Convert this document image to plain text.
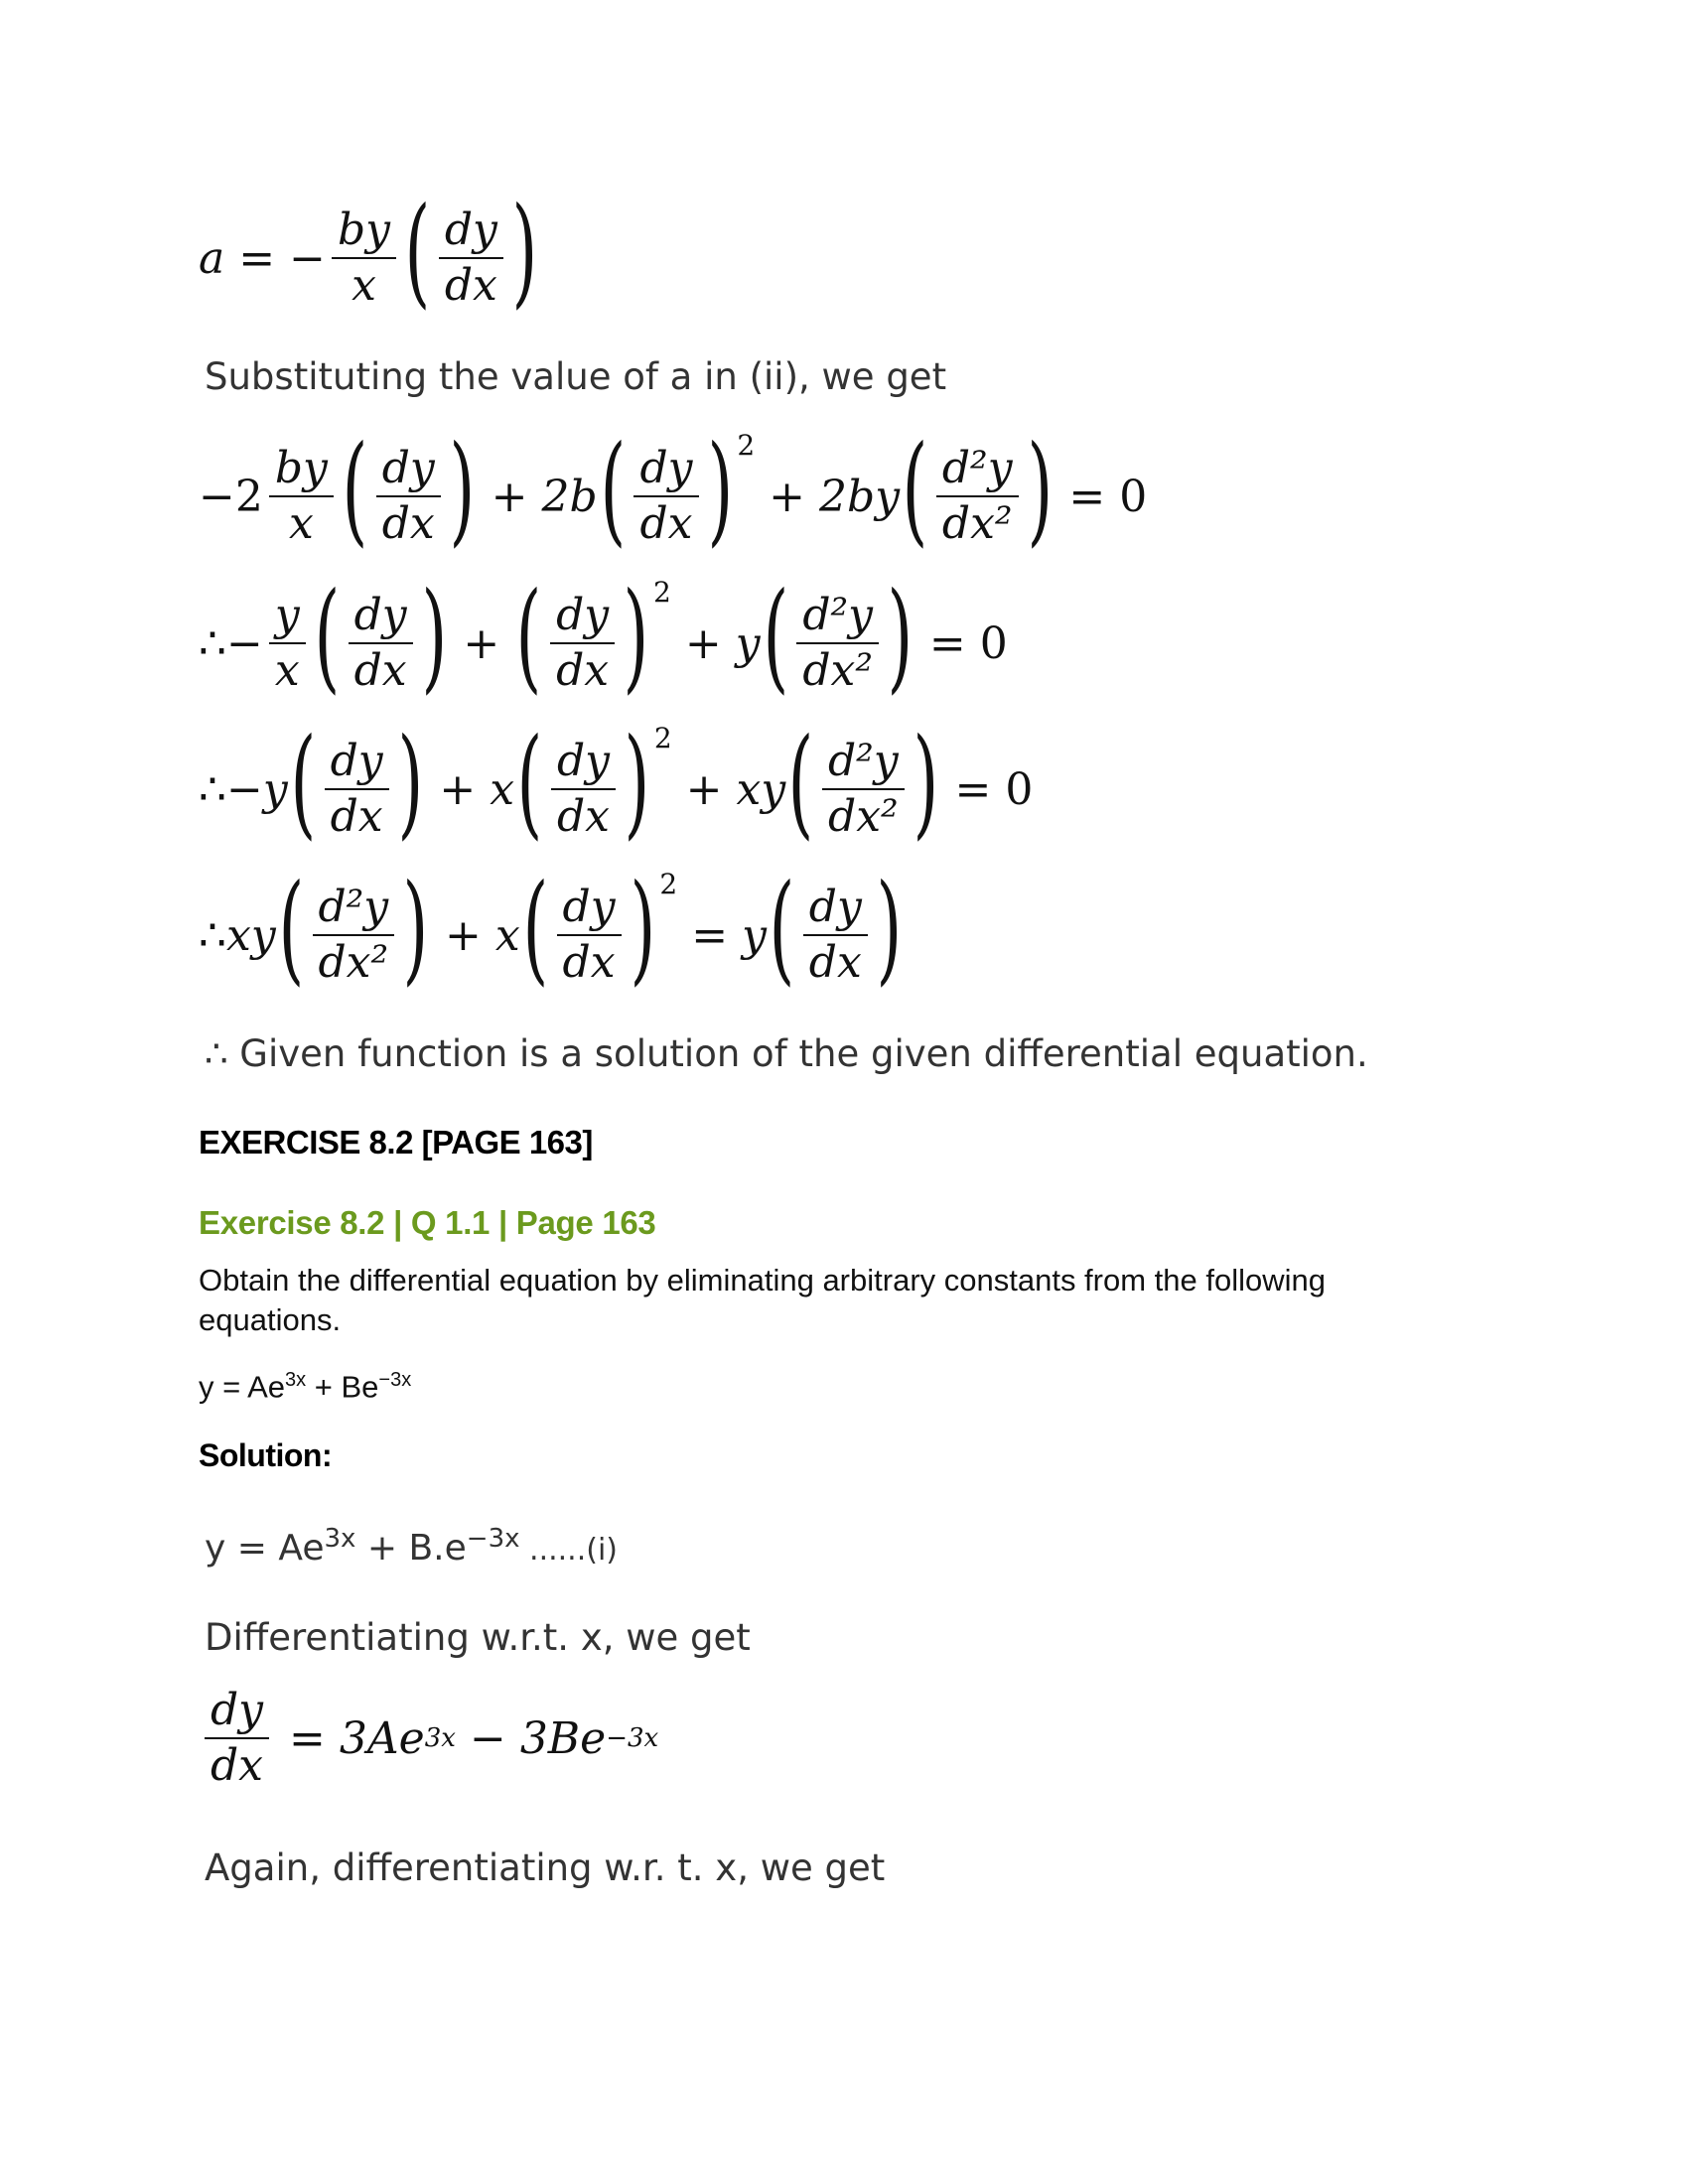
a = − $\frac{by}{x}$ ( $\frac{dy}{dx}$ )
Substituting the value of a in (ii), we get
$-2 \frac{by}{x}$ ( $\frac{dy}{dx}$ ) + 2b ( $\frac{dy}{dx}$ ) 2
+ 2by ( $\frac{\text{d²y}}{\text{dx²}}$ ) = 0
∴ − $\frac{y}{x}$ ( $\frac{dy}{dx}$ ) + ( $\frac{dy}{dx}$ ) 2
+ y ( $\frac{\text{d²y}}{\text{dx²}}$ ) = 0
∴ −y ( $\frac{dy}{dx}$ ) + x ( $\frac{dy}{dx}$ ) 2
+ xy ( $\frac{\text{d²y}}{\text{dx²}}$ ) = 0
∴ xy ( $\frac{\text{d²y}}{\text{dx²}}$ ) + x ( $\frac{dy}{dx}$ ) 2
= y ( $\frac{dy}{dx}$ )
∴ Given function is a solution of the given differential equation.
EXERCISE 8.2 [PAGE 163]
Exercise 8.2 | Q 1.1 | Page 163
Obtain the differential equation by eliminating arbitrary constants from the following equations.
$y = Ae^{3x} + Be^{-3x}$
Solution:
$y = Ae^{3x} + B.e^{-3x}$ ......(i)
Differentiating w.r.t. x, we get
$\frac{dy}{dx} = 3Ae$ 3x − 3Be −3x
Again, differentiating w.r. t. x, we get
